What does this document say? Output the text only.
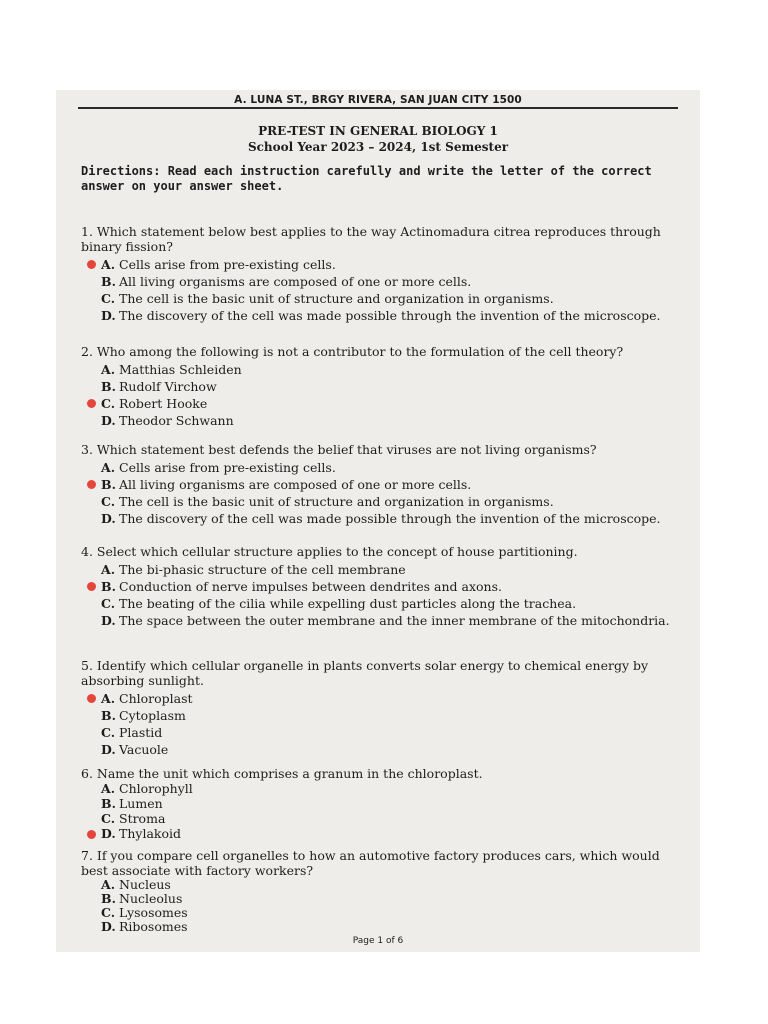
A. LUNA ST., BRGY RIVERA, SAN JUAN CITY 1500
PRE-TEST IN GENERAL BIOLOGY 1
School Year 2023 – 2024, 1st Semester
Directions: Read each instruction carefully and write the letter of the correct answer on your answer sheet.
1. Which statement below best applies to the way Actinomadura citrea reproduces through binary fission?
A. Cells arise from pre-existing cells.
B. All living organisms are composed of one or more cells.
C. The cell is the basic unit of structure and organization in organisms.
D. The discovery of the cell was made possible through the invention of the microscope.
2. Who among the following is not a contributor to the formulation of the cell theory?
A. Matthias Schleiden
B. Rudolf Virchow
C. Robert Hooke
D. Theodor Schwann
3. Which statement best defends the belief that viruses are not living organisms?
A. Cells arise from pre-existing cells.
B. All living organisms are composed of one or more cells.
C. The cell is the basic unit of structure and organization in organisms.
D. The discovery of the cell was made possible through the invention of the microscope.
4. Select which cellular structure applies to the concept of house partitioning.
A. The bi-phasic structure of the cell membrane
B. Conduction of nerve impulses between dendrites and axons.
C. The beating of the cilia while expelling dust particles along the trachea.
D. The space between the outer membrane and the inner membrane of the mitochondria.
5. Identify which cellular organelle in plants converts solar energy to chemical energy by absorbing sunlight.
A. Chloroplast
B. Cytoplasm
C. Plastid
D. Vacuole
6. Name the unit which comprises a granum in the chloroplast.
A. Chlorophyll
B. Lumen
C. Stroma
D. Thylakoid
7. If you compare cell organelles to how an automotive factory produces cars, which would best associate with factory workers?
A. Nucleus
B. Nucleolus
C. Lysosomes
D. Ribosomes
Page 1 of 6
